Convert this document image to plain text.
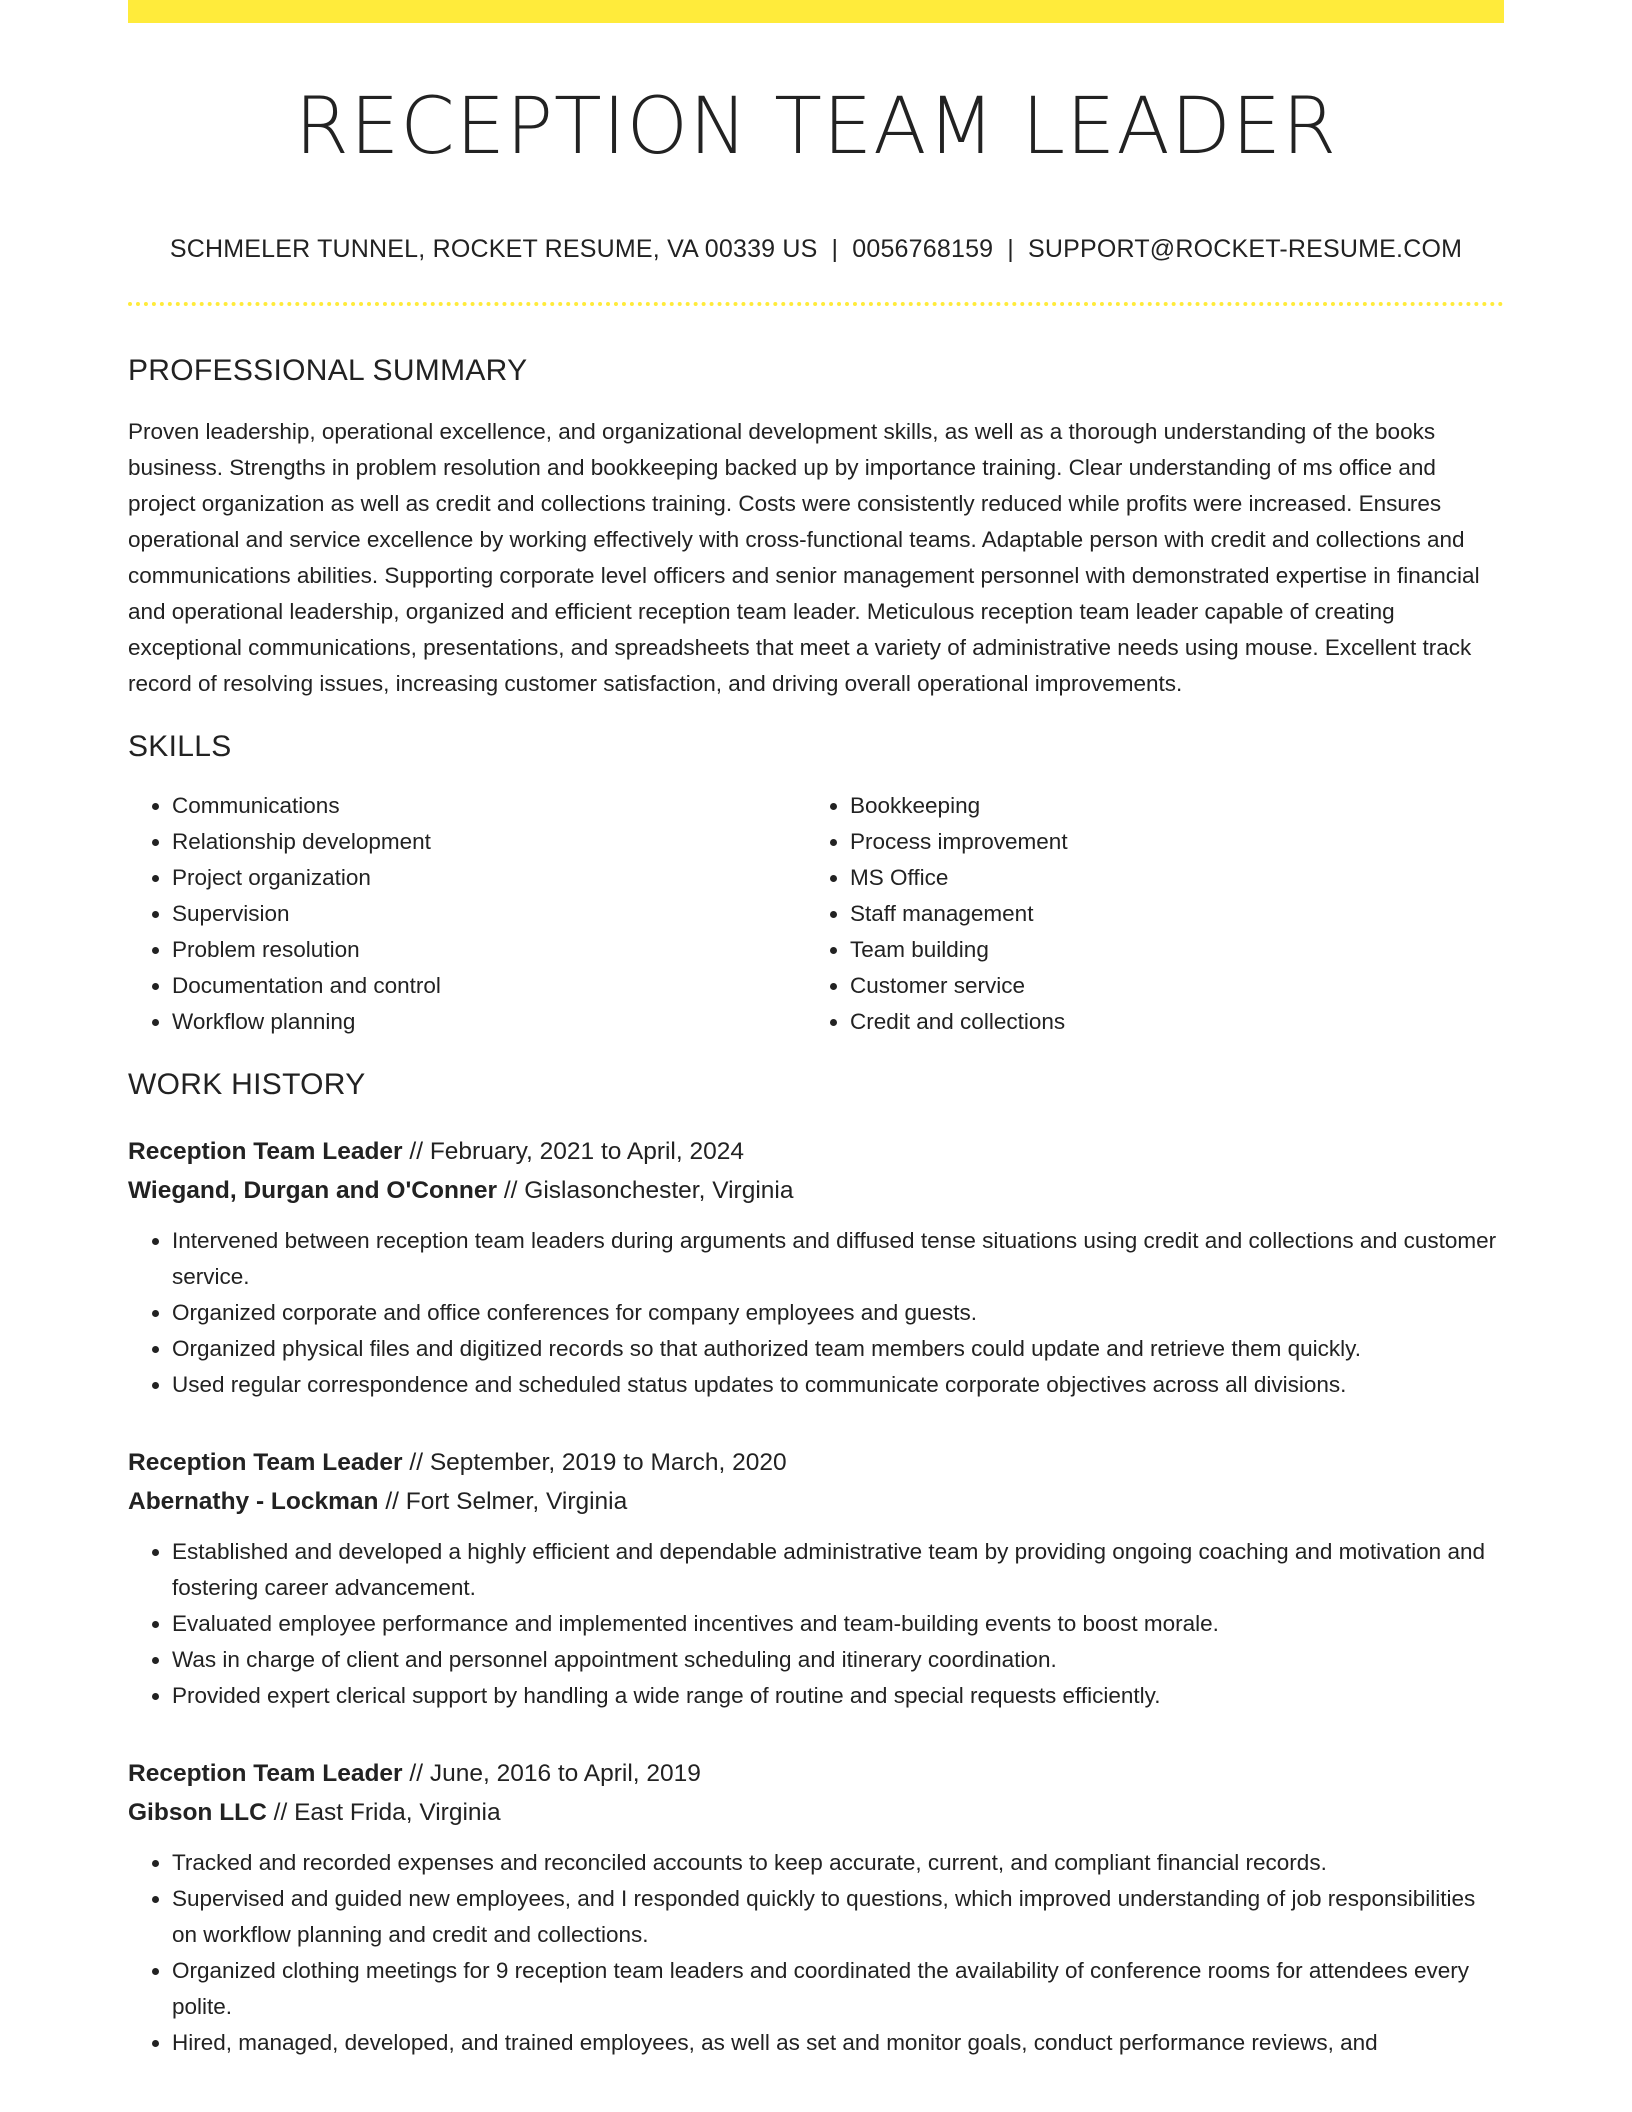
RECEPTION TEAM LEADER
SCHMELER TUNNEL, ROCKET RESUME, VA 00339 US | 0056768159 | SUPPORT@ROCKET-RESUME.COM
PROFESSIONAL SUMMARY

Proven leadership, operational excellence, and organizational development skills, as well as a thorough understanding of the books business. Strengths in problem resolution and bookkeeping backed up by importance training. Clear understanding of ms office and project organization as well as credit and collections training. Costs were consistently reduced while profits were increased. Ensures operational and service excellence by working effectively with cross-functional teams. Adaptable person with credit and collections and communications abilities. Supporting corporate level officers and senior management personnel with demonstrated expertise in financial and operational leadership, organized and efficient reception team leader. Meticulous reception team leader capable of creating exceptional communications, presentations, and spreadsheets that meet a variety of administrative needs using mouse. Excellent track record of resolving issues, increasing customer satisfaction, and driving overall operational improvements.

SKILLS
• Communications
• Relationship development
• Project organization
• Supervision
• Problem resolution
• Documentation and control
• Workflow planning
• Bookkeeping
• Process improvement
• MS Office
• Staff management
• Team building
• Customer service
• Credit and collections
WORK HISTORY
Reception Team Leader // February, 2021 to April, 2024
Wiegand, Durgan and O'Conner // Gislasonchester, Virginia
• Intervened between reception team leaders during arguments and diffused tense situations using credit and collections and customer service.
• Organized corporate and office conferences for company employees and guests.
• Organized physical files and digitized records so that authorized team members could update and retrieve them quickly.
• Used regular correspondence and scheduled status updates to communicate corporate objectives across all divisions.
Reception Team Leader // September, 2019 to March, 2020
Abernathy - Lockman // Fort Selmer, Virginia
• Established and developed a highly efficient and dependable administrative team by providing ongoing coaching and motivation and fostering career advancement.
• Evaluated employee performance and implemented incentives and team-building events to boost morale.
• Was in charge of client and personnel appointment scheduling and itinerary coordination.
• Provided expert clerical support by handling a wide range of routine and special requests efficiently.
Reception Team Leader // June, 2016 to April, 2019
Gibson LLC // East Frida, Virginia
• Tracked and recorded expenses and reconciled accounts to keep accurate, current, and compliant financial records.
• Supervised and guided new employees, and I responded quickly to questions, which improved understanding of job responsibilities on workflow planning and credit and collections.
• Organized clothing meetings for 9 reception team leaders and coordinated the availability of conference rooms for attendees every polite.
• Hired, managed, developed, and trained employees, as well as set and monitor goals, conduct performance reviews, and
